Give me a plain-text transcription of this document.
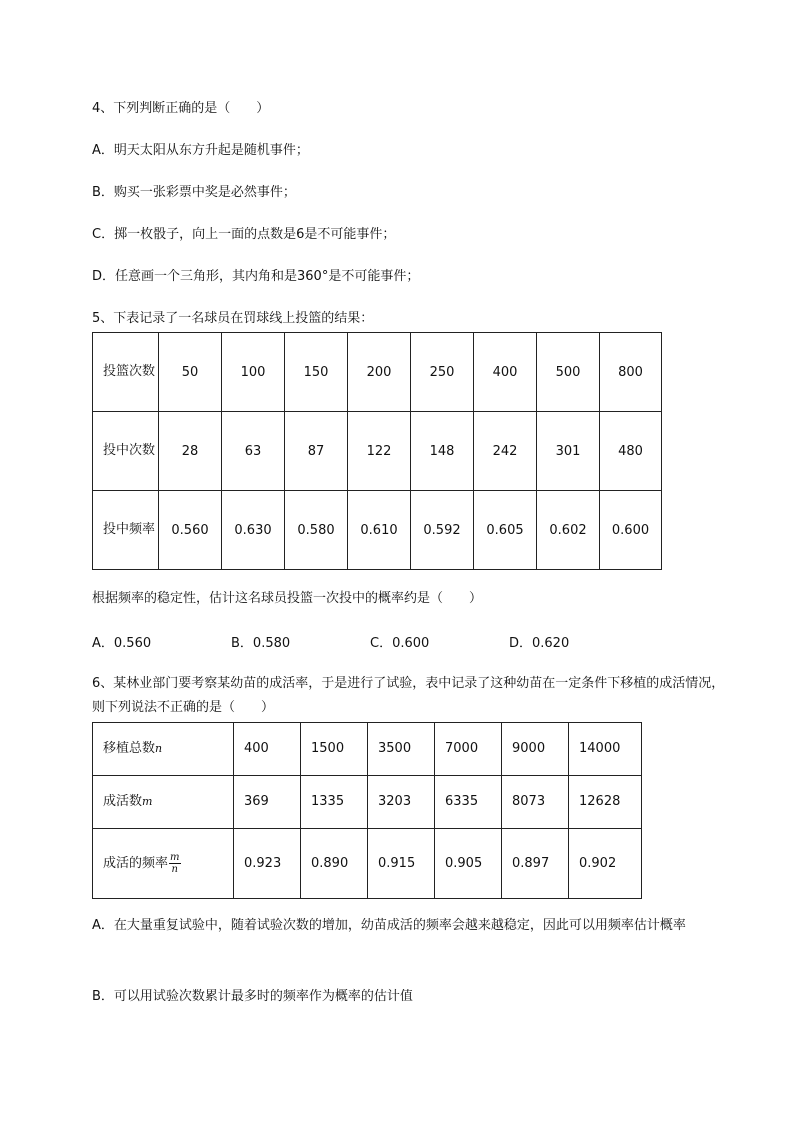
4、下列判断正确的是（　　）
A．明天太阳从东方升起是随机事件；
B．购买一张彩票中奖是必然事件；
C．掷一枚骰子，向上一面的点数是6是不可能事件；
D．任意画一个三角形，其内角和是360°是不可能事件；
5、下表记录了一名球员在罚球线上投篮的结果：
投篮次数	50	100	150	200	250	400	500	800
投中次数	28	63	87	122	148	242	301	480
投中频率	0.560	0.630	0.580	0.610	0.592	0.605	0.602	0.600
根据频率的稳定性，估计这名球员投篮一次投中的概率约是（　　）
A．0.560	B．0.580	C．0.600	D．0.620
6、某林业部门要考察某幼苗的成活率，于是进行了试验，表中记录了这种幼苗在一定条件下移植的成活情况，则下列说法不正确的是（　　）
移植总数n	400	1500	3500	7000	9000	14000
成活数m	369	1335	3203	6335	8073	12628
成活的频率 $\frac{m}{n}$	0.923	0.890	0.915	0.905	0.897	0.902
A．在大量重复试验中，随着试验次数的增加，幼苗成活的频率会越来越稳定，因此可以用频率估计概率
B．可以用试验次数累计最多时的频率作为概率的估计值
